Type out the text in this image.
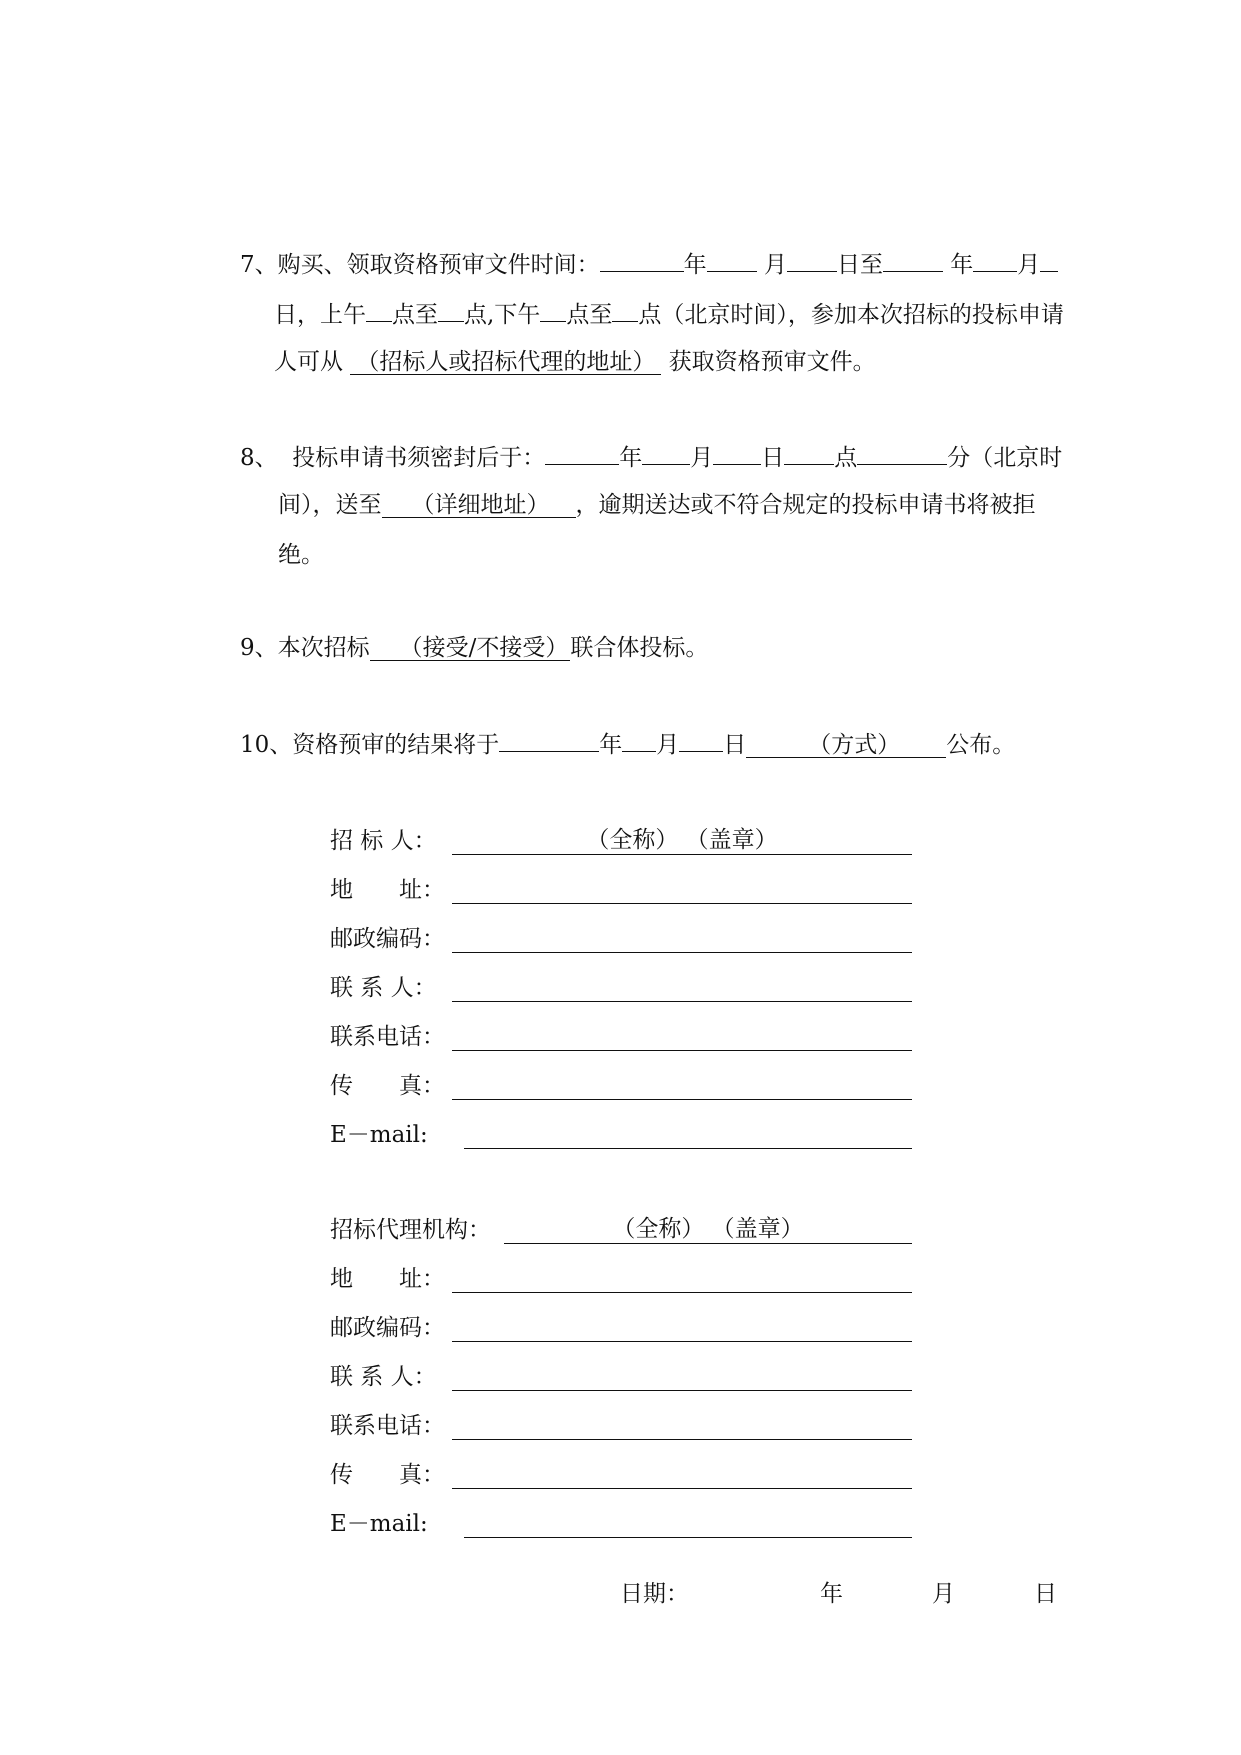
7、购买、领取资格预审文件时间：	年 月 日至	年 月
日，上午 点至 点,下午 点至 点（北京时间），参加本次招标的投标申请
人可从 （招标人或招标代理的地址） 获取资格预审文件。
8、 投标申请书须密封后于：	年 月 日 点	分（北京时
间），送至 （详细地址） ，逾期送达或不符合规定的投标申请书将被拒
绝。
9、本次招标 （接受/不接受）联合体投标。
10、资格预审的结果将于	年 月 日	（方式） 公布。
招 标 人：	（全称） （盖章）
地　　址：
邮政编码：
联 系 人：
联系电话：
传　　真：
E－mail:
招标代理机构：	（全称） （盖章）
地　　址：
邮政编码：
联 系 人：
联系电话：
传　　真：
E－mail:
日期：	年	月	日
